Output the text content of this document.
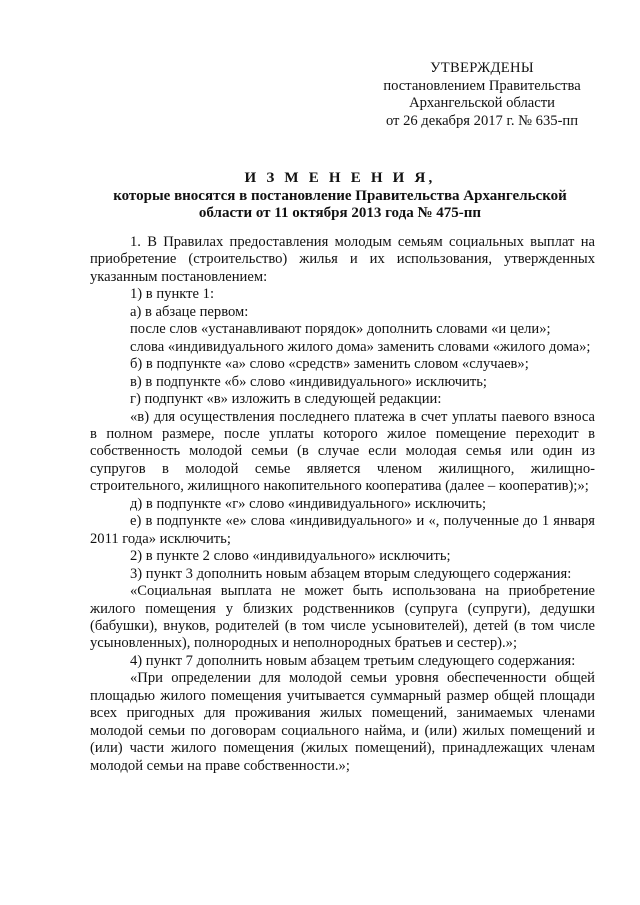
УТВЕРЖДЕНЫ
постановлением Правительства
Архангельской области
от 26 декабря 2017 г. № 635-пп
И З М Е Н Е Н И Я,
которые вносятся в постановление Правительства Архангельской
области от 11 октября 2013 года № 475-пп

1. В Правилах предоставления молодым семьям социальных выплат на приобретение (строительство) жилья и их использования, утвержденных указанным постановлением:

1) в пункте 1:

а) в абзаце первом:

после слов «устанавливают порядок» дополнить словами «и цели»;

слова «индивидуального жилого дома» заменить словами «жилого дома»;

б) в подпункте «а» слово «средств» заменить словом «случаев»;

в) в подпункте «б» слово «индивидуального» исключить;

г) подпункт «в» изложить в следующей редакции:

«в) для осуществления последнего платежа в счет уплаты паевого взноса в полном размере, после уплаты которого жилое помещение переходит в собственность молодой семьи (в случае если молодая семья или один из супругов в молодой семье является членом жилищного, жилищно-строительного, жилищного накопительного кооператива (далее – кооператив);»;

д) в подпункте «г» слово «индивидуального» исключить;

е) в подпункте «е» слова «индивидуального» и «, полученные до 1 января 2011 года» исключить;

2) в пункте 2 слово «индивидуального» исключить;

3) пункт 3 дополнить новым абзацем вторым следующего содержания:

«Социальная выплата не может быть использована на приобретение жилого помещения у близких родственников (супруга (супруги), дедушки (бабушки), внуков, родителей (в том числе усыновителей), детей (в том числе усыновленных), полнородных и неполнородных братьев и сестер).»;

4) пункт 7 дополнить новым абзацем третьим следующего содержания:

«При определении для молодой семьи уровня обеспеченности общей площадью жилого помещения учитывается суммарный размер общей площади всех пригодных для проживания жилых помещений, занимаемых членами молодой семьи по договорам социального найма, и (или) жилых помещений и (или) части жилого помещения (жилых помещений), принадлежащих членам молодой семьи на праве собственности.»;
